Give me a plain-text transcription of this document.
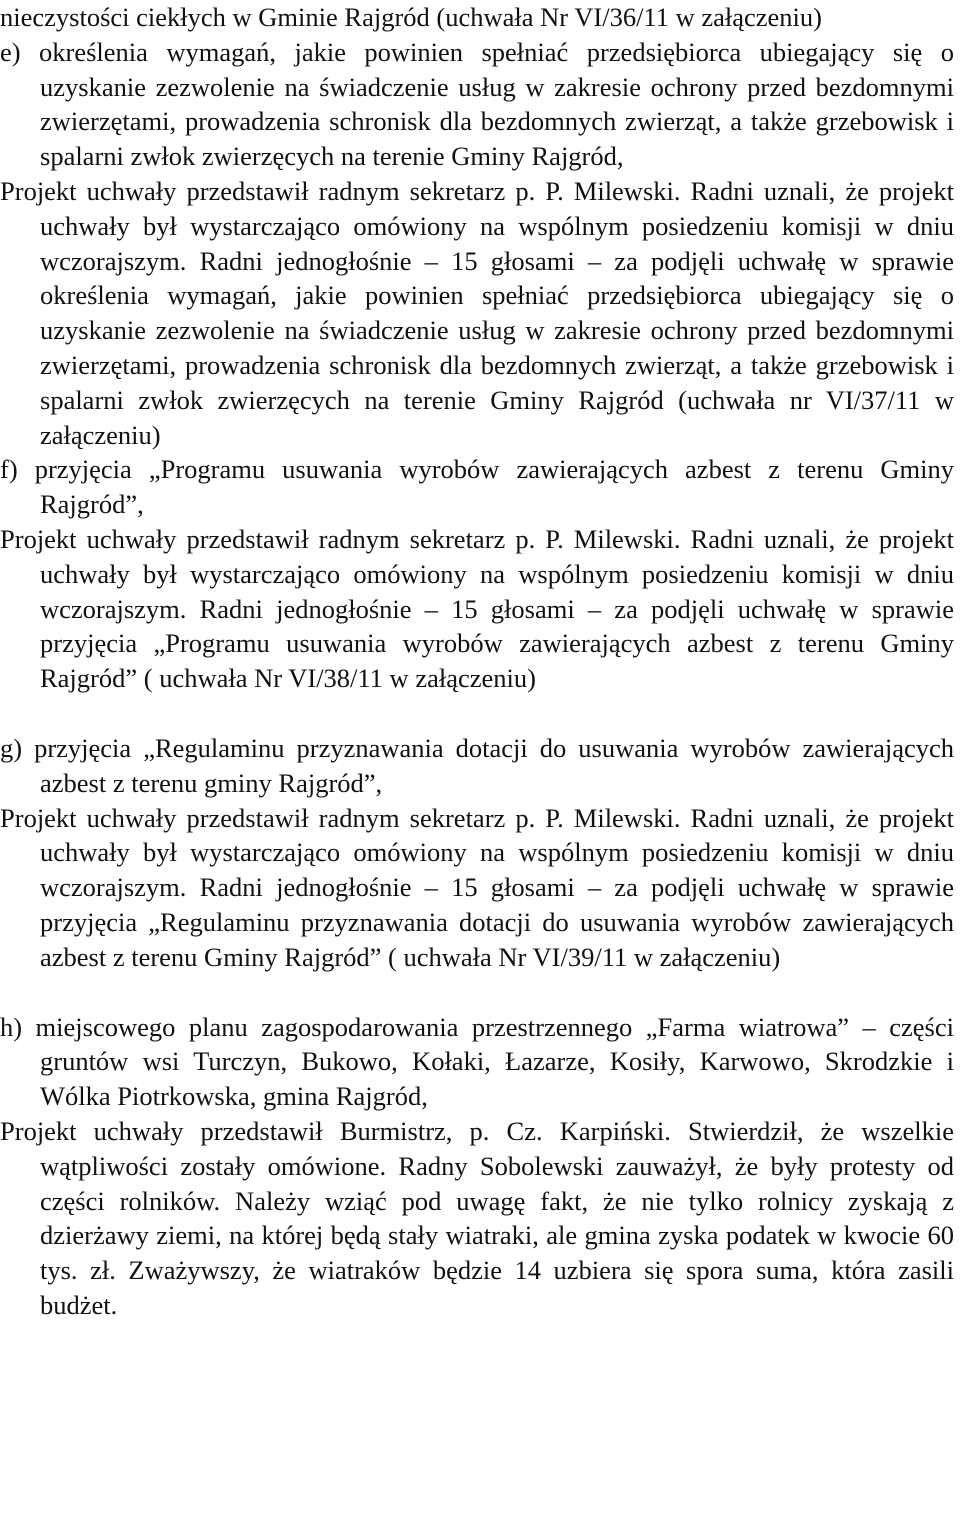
nieczystości ciekłych w Gminie Rajgród (uchwała Nr VI/36/11 w załączeniu)

e) określenia wymagań, jakie powinien spełniać przedsiębiorca ubiegający się o uzyskanie zezwolenie na świadczenie usług w zakresie ochrony przed bezdomnymi zwierzętami, prowadzenia schronisk dla bezdomnych zwierząt, a także grzebowisk i spalarni zwłok zwierzęcych na terenie Gminy Rajgród,

Projekt uchwały przedstawił radnym sekretarz p. P. Milewski. Radni uznali, że projekt uchwały był wystarczająco omówiony na wspólnym posiedzeniu komisji w dniu wczorajszym. Radni jednogłośnie – 15 głosami – za podjęli uchwałę w sprawie określenia wymagań, jakie powinien spełniać przedsiębiorca ubiegający się o uzyskanie zezwolenie na świadczenie usług w zakresie ochrony przed bezdomnymi zwierzętami, prowadzenia schronisk dla bezdomnych zwierząt, a także grzebowisk i spalarni zwłok zwierzęcych na terenie Gminy Rajgród (uchwała nr VI/37/11 w załączeniu)

f) przyjęcia „Programu usuwania wyrobów zawierających azbest z terenu Gminy Rajgród”,

Projekt uchwały przedstawił radnym sekretarz p. P. Milewski. Radni uznali, że projekt uchwały był wystarczająco omówiony na wspólnym posiedzeniu komisji w dniu wczorajszym. Radni jednogłośnie – 15 głosami – za podjęli uchwałę w sprawie przyjęcia „Programu usuwania wyrobów zawierających azbest z terenu Gminy Rajgród” ( uchwała Nr VI/38/11 w załączeniu)

g) przyjęcia „Regulaminu przyznawania dotacji do usuwania wyrobów zawierających azbest z terenu gminy Rajgród”,

Projekt uchwały przedstawił radnym sekretarz p. P. Milewski. Radni uznali, że projekt uchwały był wystarczająco omówiony na wspólnym posiedzeniu komisji w dniu wczorajszym. Radni jednogłośnie – 15 głosami – za podjęli uchwałę w sprawie przyjęcia „Regulaminu przyznawania dotacji do usuwania wyrobów zawierających azbest z terenu Gminy Rajgród” ( uchwała Nr VI/39/11 w załączeniu)

h) miejscowego planu zagospodarowania przestrzennego „Farma wiatrowa” – części gruntów wsi Turczyn, Bukowo, Kołaki, Łazarze, Kosiły, Karwowo, Skrodzkie i Wólka Piotrkowska, gmina Rajgród,

Projekt uchwały przedstawił Burmistrz, p. Cz. Karpiński. Stwierdził, że wszelkie wątpliwości zostały omówione. Radny Sobolewski zauważył, że były protesty od części rolników. Należy wziąć pod uwagę fakt, że nie tylko rolnicy zyskają z dzierżawy ziemi, na której będą stały wiatraki, ale gmina zyska podatek w kwocie 60 tys. zł. Zważywszy, że wiatraków będzie 14 uzbiera się spora suma, która zasili budżet.
